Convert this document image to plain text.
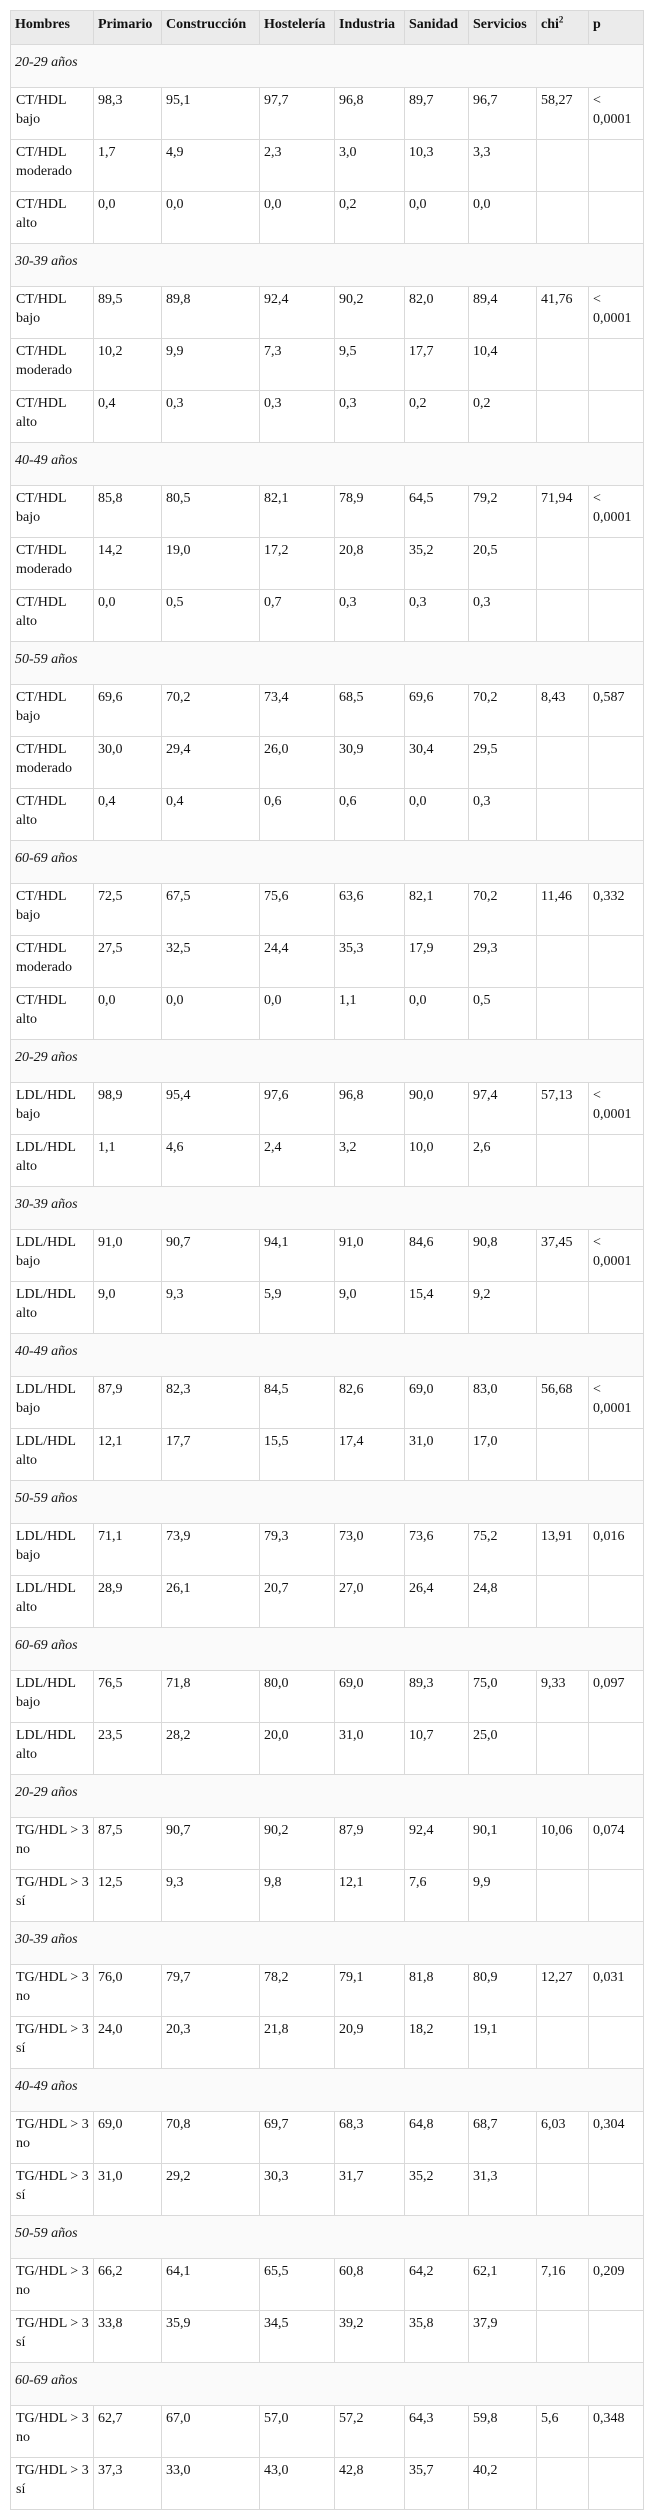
Hombres	Primario	Construcción	Hostelería	Industria	Sanidad	Servicios	chi$^2$	p
20-29 años								
CT/HDL bajo	98,3	95,1	97,7	96,8	89,7	96,7	58,27	< 0,0001
CT/HDL moderado	1,7	4,9	2,3	3,0	10,3	3,3		
CT/HDL alto	0,0	0,0	0,0	0,2	0,0	0,0		
30-39 años								
CT/HDL bajo	89,5	89,8	92,4	90,2	82,0	89,4	41,76	< 0,0001
CT/HDL moderado	10,2	9,9	7,3	9,5	17,7	10,4		
CT/HDL alto	0,4	0,3	0,3	0,3	0,2	0,2		
40-49 años								
CT/HDL bajo	85,8	80,5	82,1	78,9	64,5	79,2	71,94	< 0,0001
CT/HDL moderado	14,2	19,0	17,2	20,8	35,2	20,5		
CT/HDL alto	0,0	0,5	0,7	0,3	0,3	0,3		
50-59 años								
CT/HDL bajo	69,6	70,2	73,4	68,5	69,6	70,2	8,43	0,587
CT/HDL moderado	30,0	29,4	26,0	30,9	30,4	29,5		
CT/HDL alto	0,4	0,4	0,6	0,6	0,0	0,3		
60-69 años								
CT/HDL bajo	72,5	67,5	75,6	63,6	82,1	70,2	11,46	0,332
CT/HDL moderado	27,5	32,5	24,4	35,3	17,9	29,3		
CT/HDL alto	0,0	0,0	0,0	1,1	0,0	0,5		
20-29 años								
LDL/HDL bajo	98,9	95,4	97,6	96,8	90,0	97,4	57,13	< 0,0001
LDL/HDL alto	1,1	4,6	2,4	3,2	10,0	2,6		
30-39 años								
LDL/HDL bajo	91,0	90,7	94,1	91,0	84,6	90,8	37,45	< 0,0001
LDL/HDL alto	9,0	9,3	5,9	9,0	15,4	9,2		
40-49 años								
LDL/HDL bajo	87,9	82,3	84,5	82,6	69,0	83,0	56,68	< 0,0001
LDL/HDL alto	12,1	17,7	15,5	17,4	31,0	17,0		
50-59 años								
LDL/HDL bajo	71,1	73,9	79,3	73,0	73,6	75,2	13,91	0,016
LDL/HDL alto	28,9	26,1	20,7	27,0	26,4	24,8		
60-69 años								
LDL/HDL bajo	76,5	71,8	80,0	69,0	89,3	75,0	9,33	0,097
LDL/HDL alto	23,5	28,2	20,0	31,0	10,7	25,0		
20-29 años								
TG/HDL > 3 no	87,5	90,7	90,2	87,9	92,4	90,1	10,06	0,074
TG/HDL > 3 sí	12,5	9,3	9,8	12,1	7,6	9,9		
30-39 años								
TG/HDL > 3 no	76,0	79,7	78,2	79,1	81,8	80,9	12,27	0,031
TG/HDL > 3 sí	24,0	20,3	21,8	20,9	18,2	19,1		
40-49 años								
TG/HDL > 3 no	69,0	70,8	69,7	68,3	64,8	68,7	6,03	0,304
TG/HDL > 3 sí	31,0	29,2	30,3	31,7	35,2	31,3		
50-59 años								
TG/HDL > 3 no	66,2	64,1	65,5	60,8	64,2	62,1	7,16	0,209
TG/HDL > 3 sí	33,8	35,9	34,5	39,2	35,8	37,9		
60-69 años								
TG/HDL > 3 no	62,7	67,0	57,0	57,2	64,3	59,8	5,6	0,348
TG/HDL > 3 sí	37,3	33,0	43,0	42,8	35,7	40,2		
